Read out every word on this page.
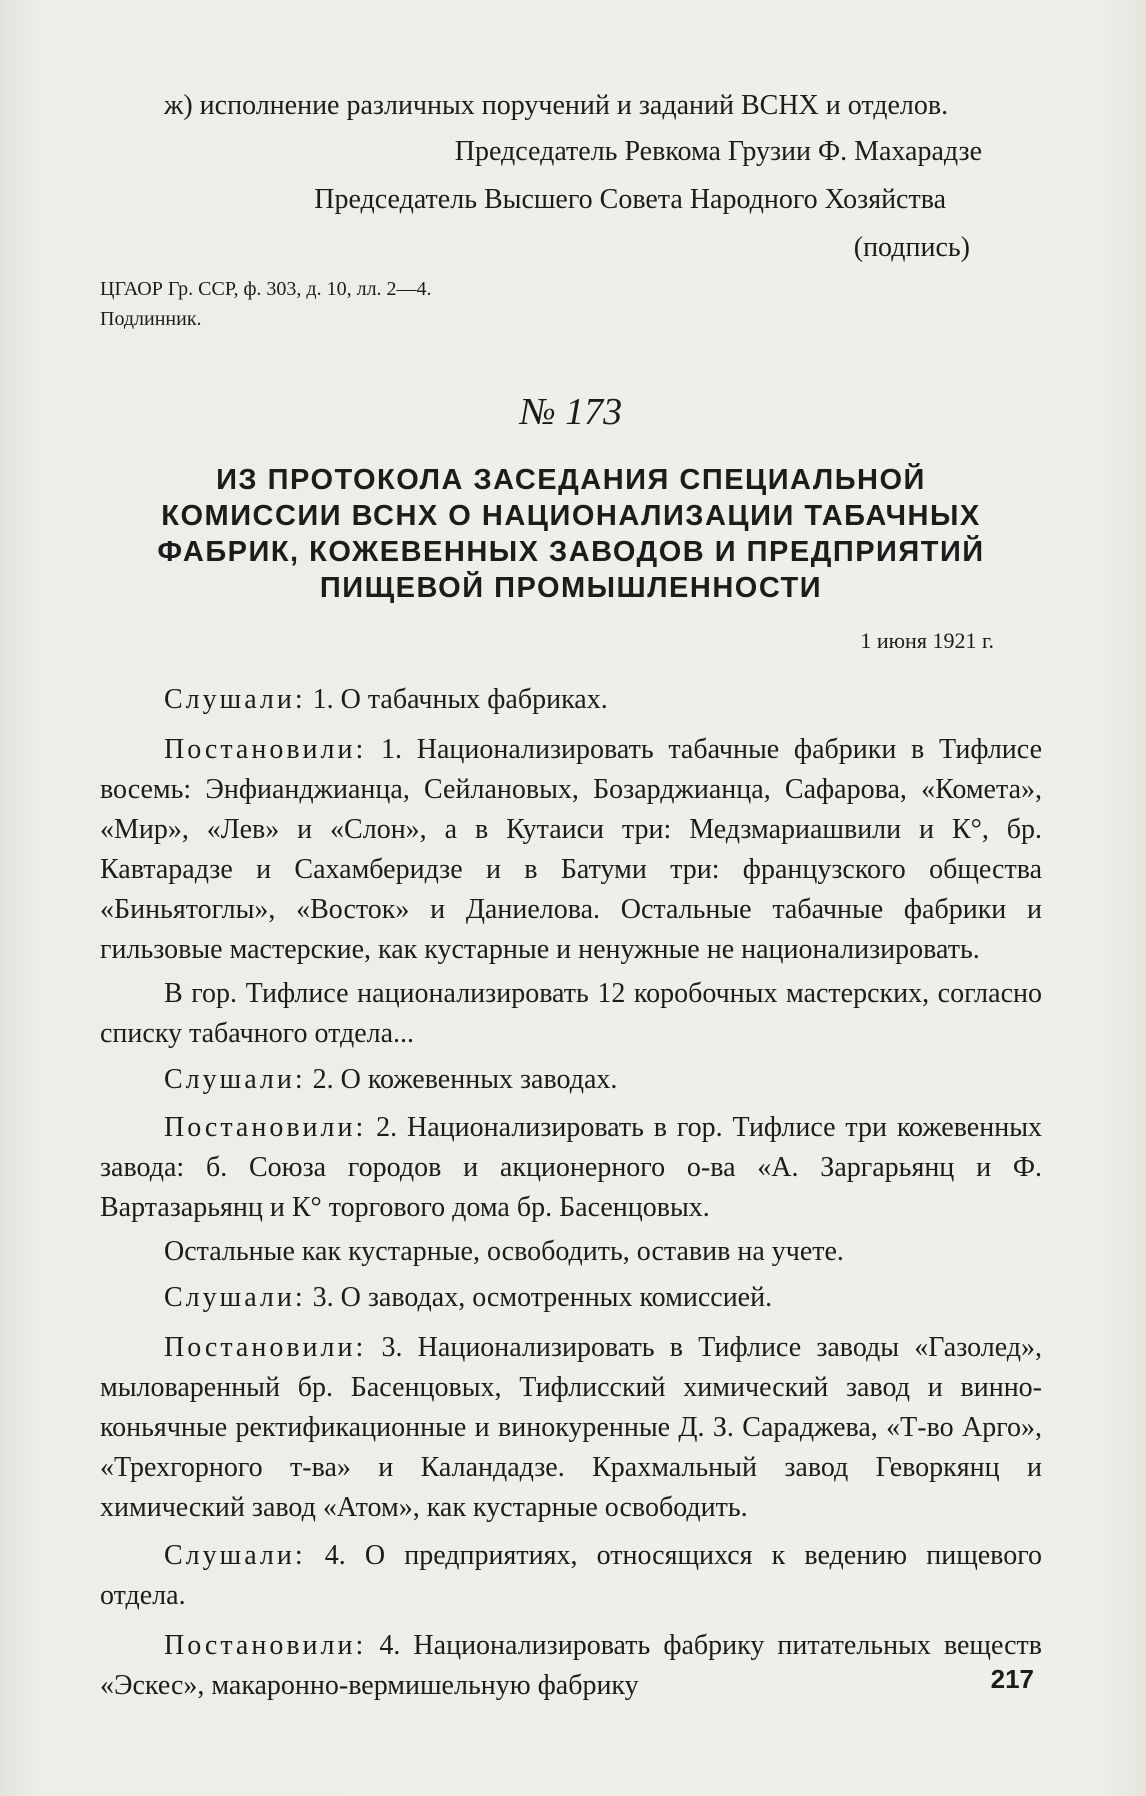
ж) исполнение различных поручений и заданий ВСНХ и отделов.

Председатель Ревкома Грузии Ф. Махарадзе

Председатель Высшего Совета Народного Хозяйства

(подпись)

ЦГАОР Гр. ССР, ф. 303, д. 10, лл. 2—4.

Подлинник.

№ 173

ИЗ ПРОТОКОЛА ЗАСЕДАНИЯ СПЕЦИАЛЬНОЙ

КОМИССИИ ВСНХ О НАЦИОНАЛИЗАЦИИ ТАБАЧНЫХ

ФАБРИК, КОЖЕВЕННЫХ ЗАВОДОВ И ПРЕДПРИЯТИЙ

ПИЩЕВОЙ ПРОМЫШЛЕННОСТИ

1 июня 1921 г.

Слушали: 1. О табачных фабриках.

Постановили: 1. Национализировать табачные фабрики в Тифлисе восемь: Энфианджианца, Сейлановых, Бозарджианца, Сафарова, «Комета», «Мир», «Лев» и «Слон», а в Кутаиси три: Медзмариашвили и К°, бр. Кавтарадзе и Сахамберидзе и в Батуми три: французского общества «Биньятоглы», «Восток» и Даниелова. Остальные табачные фабрики и гильзовые мастерские, как кустарные и ненужные не национализировать.

В гор. Тифлисе национализировать 12 коробочных мастерских, согласно списку табачного отдела...

Слушали: 2. О кожевенных заводах.

Постановили: 2. Национализировать в гор. Тифлисе три кожевенных завода: б. Союза городов и акционерного о-ва «А. Заргарьянц и Ф. Вартазарьянц и К° торгового дома бр. Басенцовых.

Остальные как кустарные, освободить, оставив на учете.

Слушали: 3. О заводах, осмотренных комиссией.

Постановили: 3. Национализировать в Тифлисе заводы «Газолед», мыловаренный бр. Басенцовых, Тифлисский химический завод и винно-коньячные ректификационные и винокуренные Д. З. Сараджева, «Т-во Арго», «Трехгорного т-ва» и Каландадзе. Крахмальный завод Геворкянц и химический завод «Атом», как кустарные освободить.

Слушали: 4. О предприятиях, относящихся к ведению пищевого отдела.

Постановили: 4. Национализировать фабрику питательных веществ «Эскес», макаронно-вермишельную фабрику	217
